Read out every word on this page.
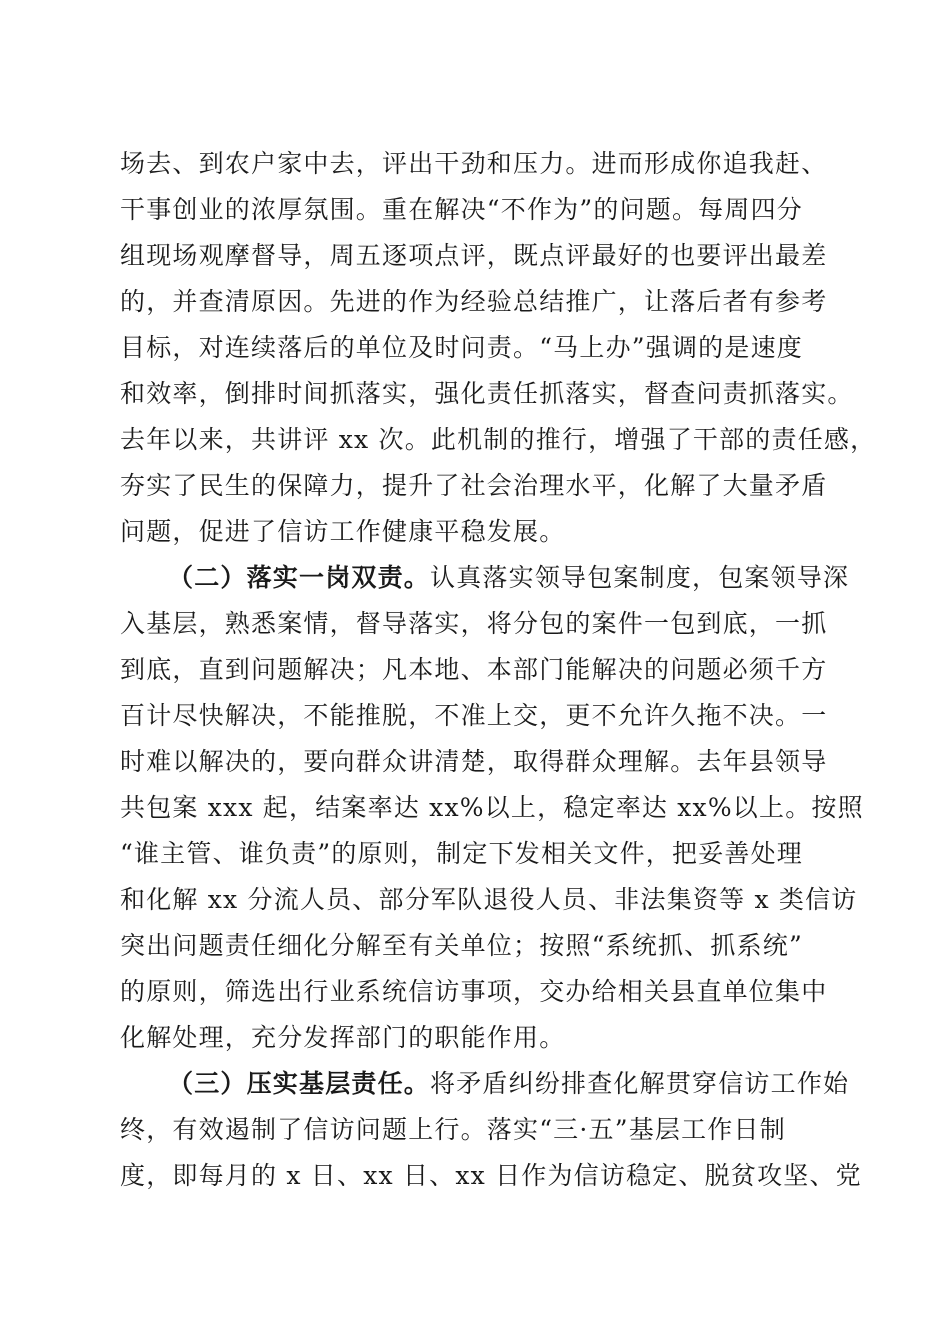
场去、到农户家中去，评出干劲和压力。进而形成你追我赶、
干事创业的浓厚氛围。重在解决“不作为”的问题。每周四分
组现场观摩督导，周五逐项点评，既点评最好的也要评出最差
的，并查清原因。先进的作为经验总结推广，让落后者有参考
目标，对连续落后的单位及时问责。“马上办”强调的是速度
和效率，倒排时间抓落实，强化责任抓落实，督查问责抓落实。
去年以来，共讲评 xx 次。此机制的推行，增强了干部的责任感，
夯实了民生的保障力，提升了社会治理水平，化解了大量矛盾
问题，促进了信访工作健康平稳发展。
（二）落实一岗双责。认真落实领导包案制度，包案领导深
入基层，熟悉案情，督导落实，将分包的案件一包到底，一抓
到底，直到问题解决；凡本地、本部门能解决的问题必须千方
百计尽快解决，不能推脱，不准上交，更不允许久拖不决。一
时难以解决的，要向群众讲清楚，取得群众理解。去年县领导
共包案 xxx 起，结案率达 xx%以上，稳定率达 xx%以上。按照
“谁主管、谁负责”的原则，制定下发相关文件，把妥善处理
和化解 xx 分流人员、部分军队退役人员、非法集资等 x 类信访
突出问题责任细化分解至有关单位；按照“系统抓、抓系统”
的原则，筛选出行业系统信访事项，交办给相关县直单位集中
化解处理，充分发挥部门的职能作用。
（三）压实基层责任。将矛盾纠纷排查化解贯穿信访工作始
终，有效遏制了信访问题上行。落实“三·五”基层工作日制
度，即每月的 x 日、xx 日、xx 日作为信访稳定、脱贫攻坚、党
